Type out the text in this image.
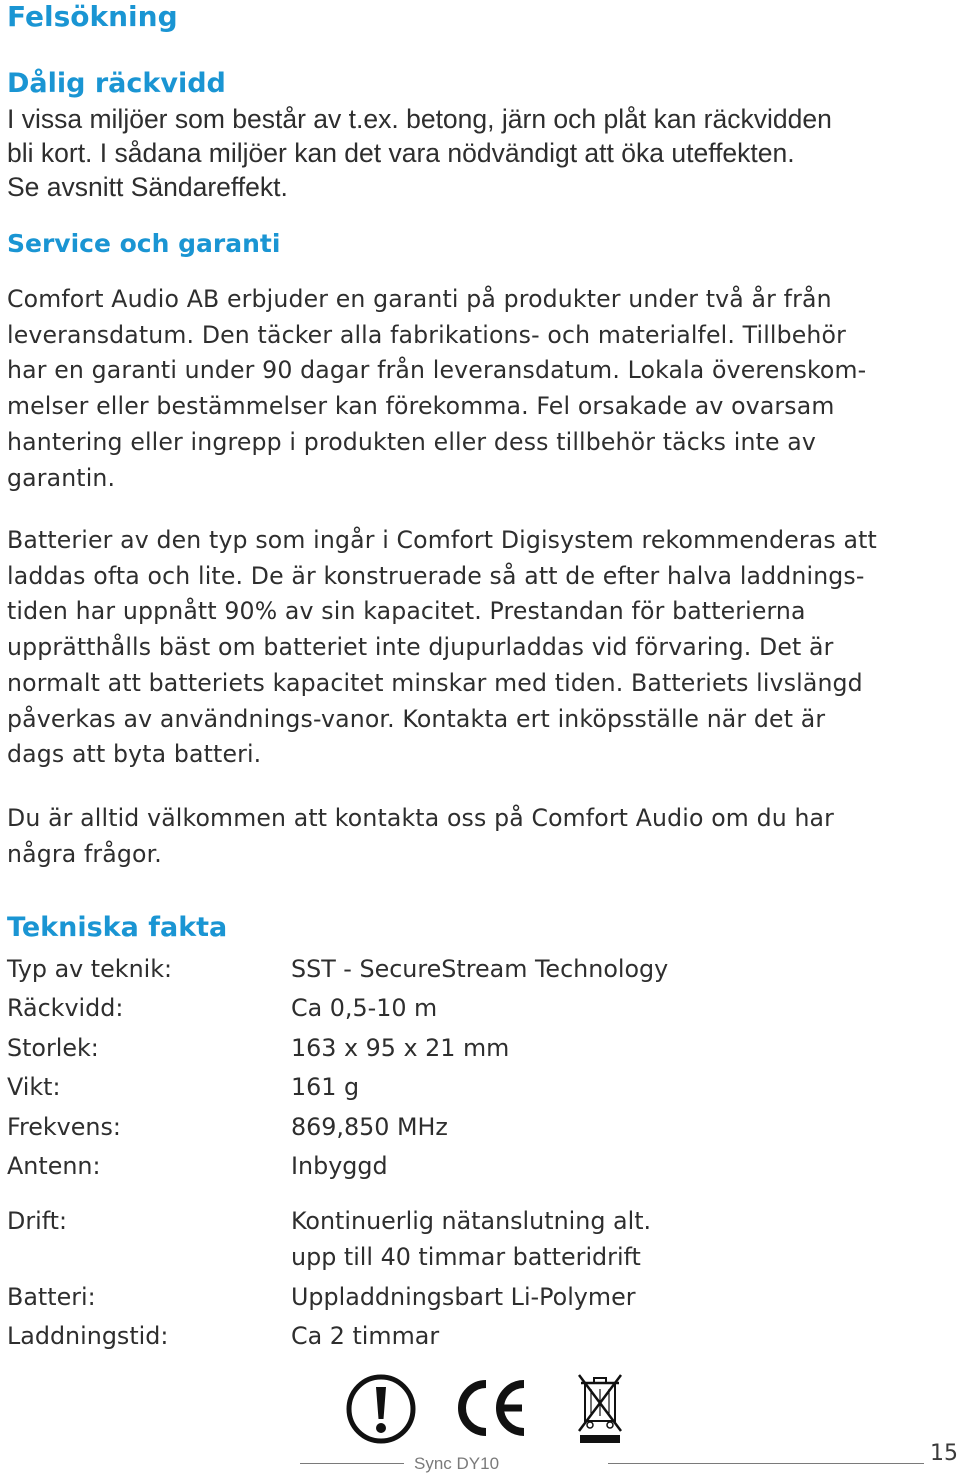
Felsökning
Dålig räckvidd
I vissa miljöer som består av t.ex. betong, järn och plåt kan räckvidden
bli kort. I sådana miljöer kan det vara nödvändigt att öka uteffekten.
Se avsnitt Sändareffekt.
Service och garanti
Comfort Audio AB erbjuder en garanti på produkter under två år från
leveransdatum. Den täcker alla fabrikations- och materialfel. Tillbehör
har en garanti under 90 dagar från leveransdatum. Lokala överenskom-
melser eller bestämmelser kan förekomma. Fel orsakade av ovarsam
hantering eller ingrepp i produkten eller dess tillbehör täcks inte av
garantin.
Batterier av den typ som ingår i Comfort Digisystem rekommenderas att
laddas ofta och lite. De är konstruerade så att de efter halva laddnings-
tiden har uppnått 90% av sin kapacitet. Prestandan för batterierna
upprätthålls bäst om batteriet inte djupurladdas vid förvaring. Det är
normalt att batteriets kapacitet minskar med tiden. Batteriets livslängd
påverkas av användnings-vanor. Kontakta ert inköpsställe när det är
dags att byta batteri.
Du är alltid välkommen att kontakta oss på Comfort Audio om du har
några frågor.
Tekniska fakta
Typ av teknik:	SST - SecureStream Technology
Räckvidd:	Ca 0,5-10 m
Storlek:	163 x 95 x 21 mm
Vikt:	161 g
Frekvens:	869,850 MHz
Antenn:	Inbyggd
Drift:	Kontinuerlig nätanslutning alt.
upp till 40 timmar batteridrift
Batteri:	Uppladdningsbart Li-Polymer
Laddningstid:	Ca 2 timmar
Sync DY10	15
